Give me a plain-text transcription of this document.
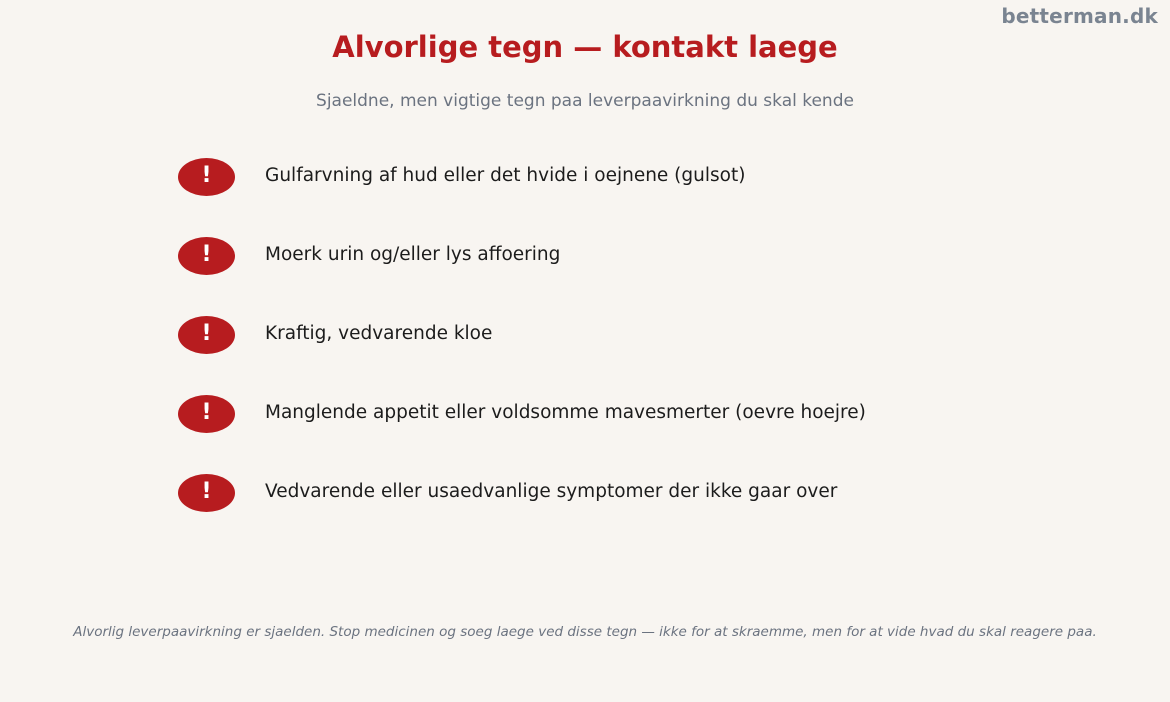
betterman.dk
Alvorlige tegn — kontakt laege
Sjaeldne, men vigtige tegn paa leverpaavirkning du skal kende
!	Gulfarvning af hud eller det hvide i oejnene (gulsot)
!	Moerk urin og/eller lys affoering
!	Kraftig, vedvarende kloe
!	Manglende appetit eller voldsomme mavesmerter (oevre hoejre)
!	Vedvarende eller usaedvanlige symptomer der ikke gaar over
Alvorlig leverpaavirkning er sjaelden. Stop medicinen og soeg laege ved disse tegn — ikke for at skraemme, men for at vide hvad du skal reagere paa.
